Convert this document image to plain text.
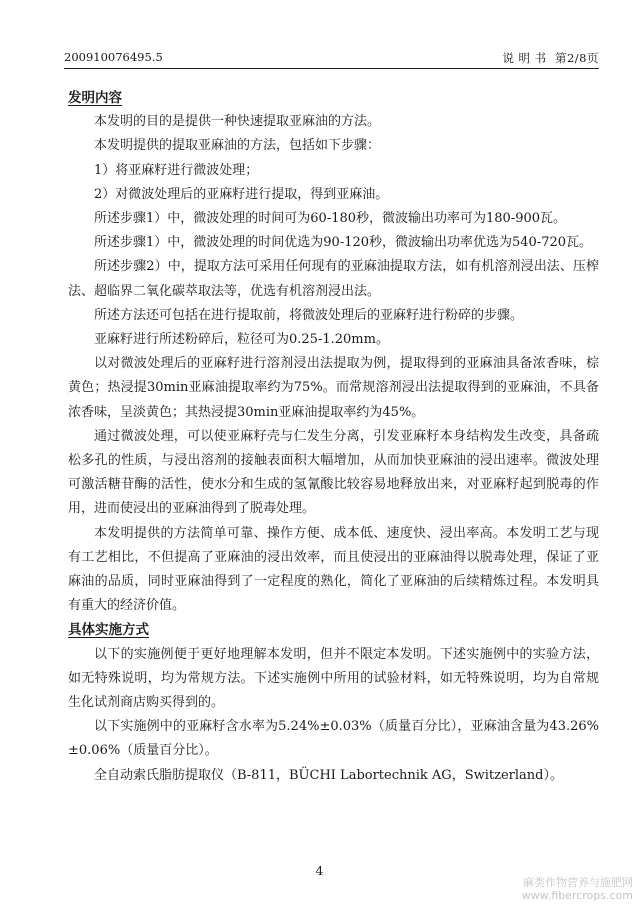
200910076495.5	说 明 书 第2/8页
发明内容

本发明的目的是提供一种快速提取亚麻油的方法。

本发明提供的提取亚麻油的方法，包括如下步骤：

1）将亚麻籽进行微波处理；

2）对微波处理后的亚麻籽进行提取，得到亚麻油。

所述步骤1）中，微波处理的时间可为60-180秒，微波输出功率可为180-900瓦。

所述步骤1）中，微波处理的时间优选为90-120秒，微波输出功率优选为540-720瓦。

所述步骤2）中，提取方法可采用任何现有的亚麻油提取方法，如有机溶剂浸出法、压榨法、超临界二氧化碳萃取法等，优选有机溶剂浸出法。

所述方法还可包括在进行提取前，将微波处理后的亚麻籽进行粉碎的步骤。

亚麻籽进行所述粉碎后，粒径可为0.25-1.20mm。

以对微波处理后的亚麻籽进行溶剂浸出法提取为例，提取得到的亚麻油具备浓香味，棕黄色；热浸提30min亚麻油提取率约为75%。而常规溶剂浸出法提取得到的亚麻油，不具备浓香味，呈淡黄色；其热浸提30min亚麻油提取率约为45%。

通过微波处理，可以使亚麻籽壳与仁发生分离，引发亚麻籽本身结构发生改变，具备疏松多孔的性质，与浸出溶剂的接触表面积大幅增加，从而加快亚麻油的浸出速率。微波处理可激活糖苷酶的活性，使水分和生成的氢氰酸比较容易地释放出来，对亚麻籽起到脱毒的作用，进而使浸出的亚麻油得到了脱毒处理。

本发明提供的方法简单可靠、操作方便、成本低、速度快、浸出率高。本发明工艺与现有工艺相比，不但提高了亚麻油的浸出效率，而且使浸出的亚麻油得以脱毒处理，保证了亚麻油的品质，同时亚麻油得到了一定程度的熟化，简化了亚麻油的后续精炼过程。本发明具有重大的经济价值。

具体实施方式

以下的实施例便于更好地理解本发明，但并不限定本发明。下述实施例中的实验方法，如无特殊说明，均为常规方法。下述实施例中所用的试验材料，如无特殊说明，均为自常规生化试剂商店购买得到的。

以下实施例中的亚麻籽含水率为5.24%±0.03%（质量百分比），亚麻油含量为43.26%±0.06%（质量百分比）。

全自动索氏脂肪提取仪（B-811，BÜCHI Labortechnik AG，Switzerland）。

4
麻类作物营养与施肥网
www.fibercrops.com
